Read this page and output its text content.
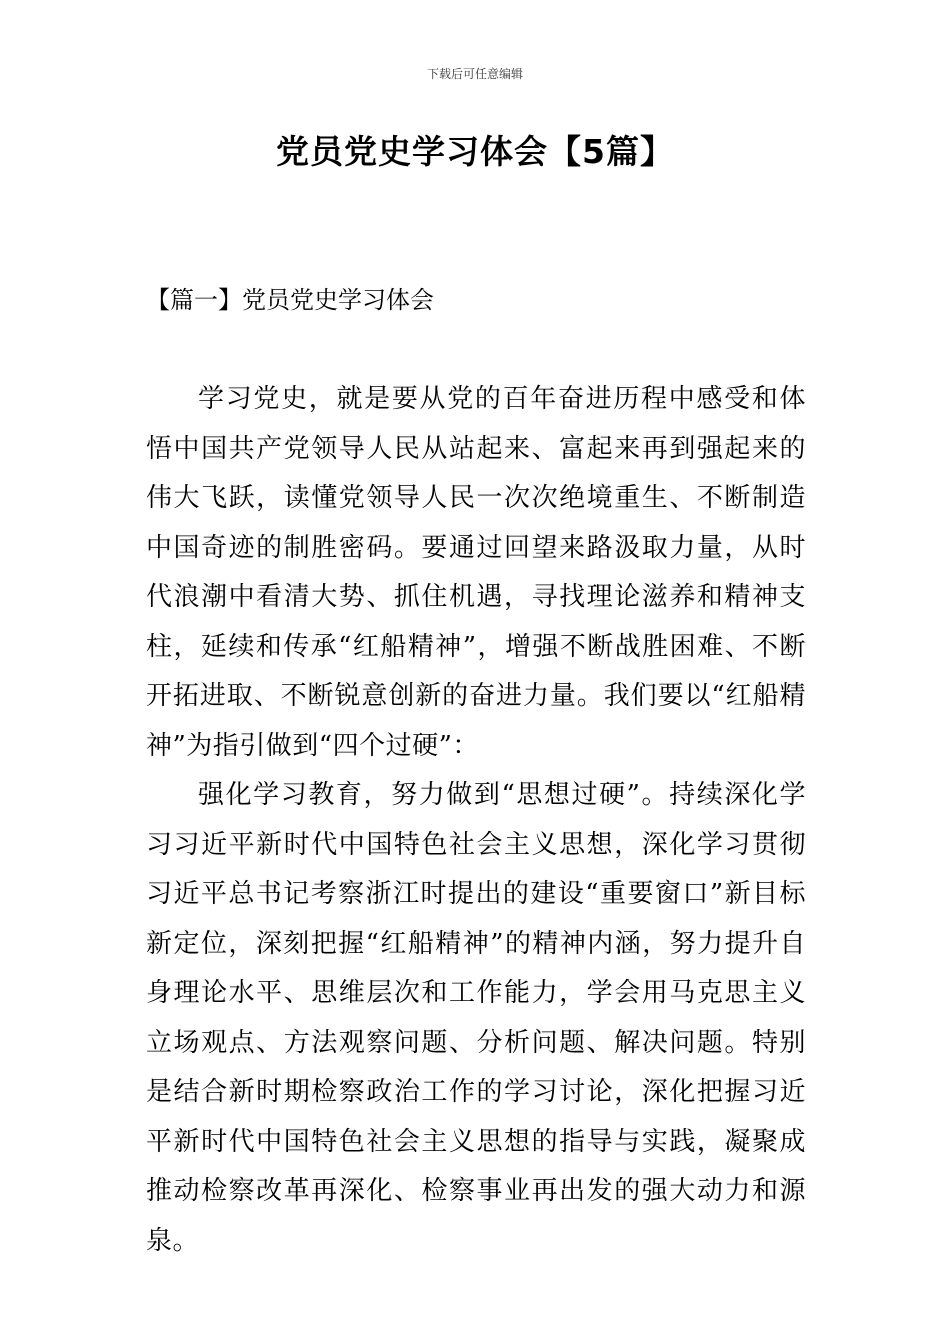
下载后可任意编辑
党员党史学习体会【5篇】
【篇一】党员党史学习体会

学习党史，就是要从党的百年奋进历程中感受和体悟中国共产党领导人民从站起来、富起来再到强起来的伟大飞跃，读懂党领导人民一次次绝境重生、不断制造中国奇迹的制胜密码。要通过回望来路汲取力量，从时代浪潮中看清大势、抓住机遇，寻找理论滋养和精神支柱，延续和传承“红船精神”，增强不断战胜困难、不断开拓进取、不断锐意创新的奋进力量。我们要以“红船精神”为指引做到“四个过硬”：

强化学习教育，努力做到“思想过硬”。持续深化学习习近平新时代中国特色社会主义思想，深化学习贯彻习近平总书记考察浙江时提出的建设“重要窗口”新目标新定位，深刻把握“红船精神”的精神内涵，努力提升自身理论水平、思维层次和工作能力，学会用马克思主义立场观点、方法观察问题、分析问题、解决问题。特别是结合新时期检察政治工作的学习讨论，深化把握习近平新时代中国特色社会主义思想的指导与实践，凝聚成推动检察改革再深化、检察事业再出发的强大动力和源泉。
